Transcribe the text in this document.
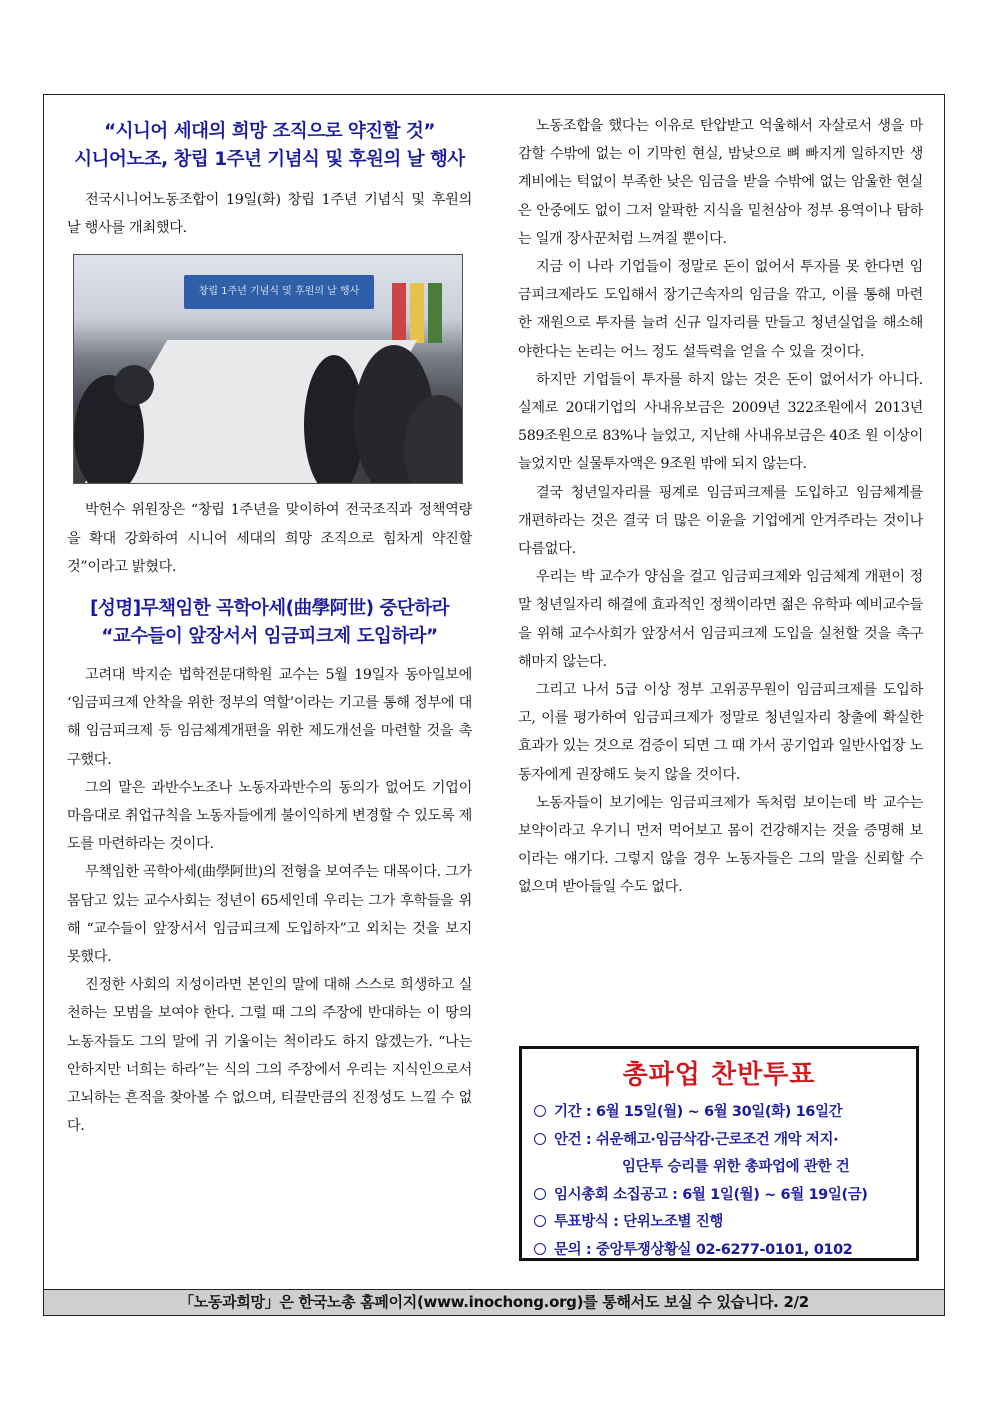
“시니어 세대의 희망 조직으로 약진할 것”
시니어노조, 창립 1주년 기념식 및 후원의 날 행사

전국시니어노동조합이 19일(화) 창립 1주년 기념식 및 후원의 날 행사를 개최했다.

창립 1주년 기념식 및 후원의 날 행사

박헌수 위원장은 “창립 1주년을 맞이하여 전국조직과 정책역량을 확대 강화하여 시니어 세대의 희망 조직으로 힘차게 약진할 것”이라고 밝혔다.

[성명]무책임한 곡학아세(曲學阿世) 중단하라
“교수들이 앞장서서 임금피크제 도입하라”

고려대 박지순 법학전문대학원 교수는 5월 19일자 동아일보에 ‘임금피크제 안착을 위한 정부의 역할’이라는 기고를 통해 정부에 대해 임금피크제 등 임금체계개편을 위한 제도개선을 마련할 것을 촉구했다.

그의 말은 과반수노조나 노동자과반수의 동의가 없어도 기업이 마음대로 취업규칙을 노동자들에게 불이익하게 변경할 수 있도록 제도를 마련하라는 것이다.

무책임한 곡학아세(曲學阿世)의 전형을 보여주는 대목이다. 그가 몸담고 있는 교수사회는 정년이 65세인데 우리는 그가 후학들을 위해 “교수들이 앞장서서 임금피크제 도입하자”고 외치는 것을 보지 못했다.

진정한 사회의 지성이라면 본인의 말에 대해 스스로 희생하고 실천하는 모범을 보여야 한다. 그럴 때 그의 주장에 반대하는 이 땅의 노동자들도 그의 말에 귀 기울이는 척이라도 하지 않겠는가. “나는 안하지만 너희는 하라”는 식의 그의 주장에서 우리는 지식인으로서 고뇌하는 흔적을 찾아볼 수 없으며, 티끌만큼의 진정성도 느낄 수 없다.

노동조합을 했다는 이유로 탄압받고 억울해서 자살로서 생을 마감할 수밖에 없는 이 기막힌 현실, 밤낮으로 뼈 빠지게 일하지만 생계비에는 턱없이 부족한 낮은 임금을 받을 수밖에 없는 암울한 현실은 안중에도 없이 그저 알팍한 지식을 밑천삼아 정부 용역이나 탐하는 일개 장사꾼처럼 느껴질 뿐이다.

지금 이 나라 기업들이 정말로 돈이 없어서 투자를 못 한다면 임금피크제라도 도입해서 장기근속자의 임금을 깎고, 이를 통해 마련한 재원으로 투자를 늘려 신규 일자리를 만들고 청년실업을 해소해야한다는 논리는 어느 정도 설득력을 얻을 수 있을 것이다.

하지만 기업들이 투자를 하지 않는 것은 돈이 없어서가 아니다. 실제로 20대기업의 사내유보금은 2009년 322조원에서 2013년 589조원으로 83%나 늘었고, 지난해 사내유보금은 40조 원 이상이 늘었지만 실물투자액은 9조원 밖에 되지 않는다.

결국 청년일자리를 핑계로 임금피크제를 도입하고 임금체계를 개편하라는 것은 결국 더 많은 이윤을 기업에게 안겨주라는 것이나 다름없다.

우리는 박 교수가 양심을 걸고 임금피크제와 임금체계 개편이 정말 청년일자리 해결에 효과적인 정책이라면 젊은 유학파 예비교수들을 위해 교수사회가 앞장서서 임금피크제 도입을 실천할 것을 촉구해마지 않는다.

그리고 나서 5급 이상 정부 고위공무원이 임금피크제를 도입하고, 이를 평가하여 임금피크제가 정말로 청년일자리 창출에 확실한 효과가 있는 것으로 검증이 되면 그 때 가서 공기업과 일반사업장 노동자에게 권장해도 늦지 않을 것이다.

노동자들이 보기에는 임금피크제가 독처럼 보이는데 박 교수는 보약이라고 우기니 먼저 먹어보고 몸이 건강해지는 것을 증명해 보이라는 얘기다. 그렇지 않을 경우 노동자들은 그의 말을 신뢰할 수 없으며 받아들일 수도 없다.

총파업 찬반투표
기간 : 6월 15일(월) ~ 6월 30일(화) 16일간
안건 : 쉬운해고·임금삭감·근로조건 개악 저지·
임단투 승리를 위한 총파업에 관한 건
임시총회 소집공고 : 6월 1일(월) ~ 6월 19일(금)
투표방식 : 단위노조별 진행
문의 : 중앙투쟁상황실 02-6277-0101, 0102
「노동과희망」은 한국노총 홈페이지(www.inochong.org)를 통해서도 보실 수 있습니다. 2/2
